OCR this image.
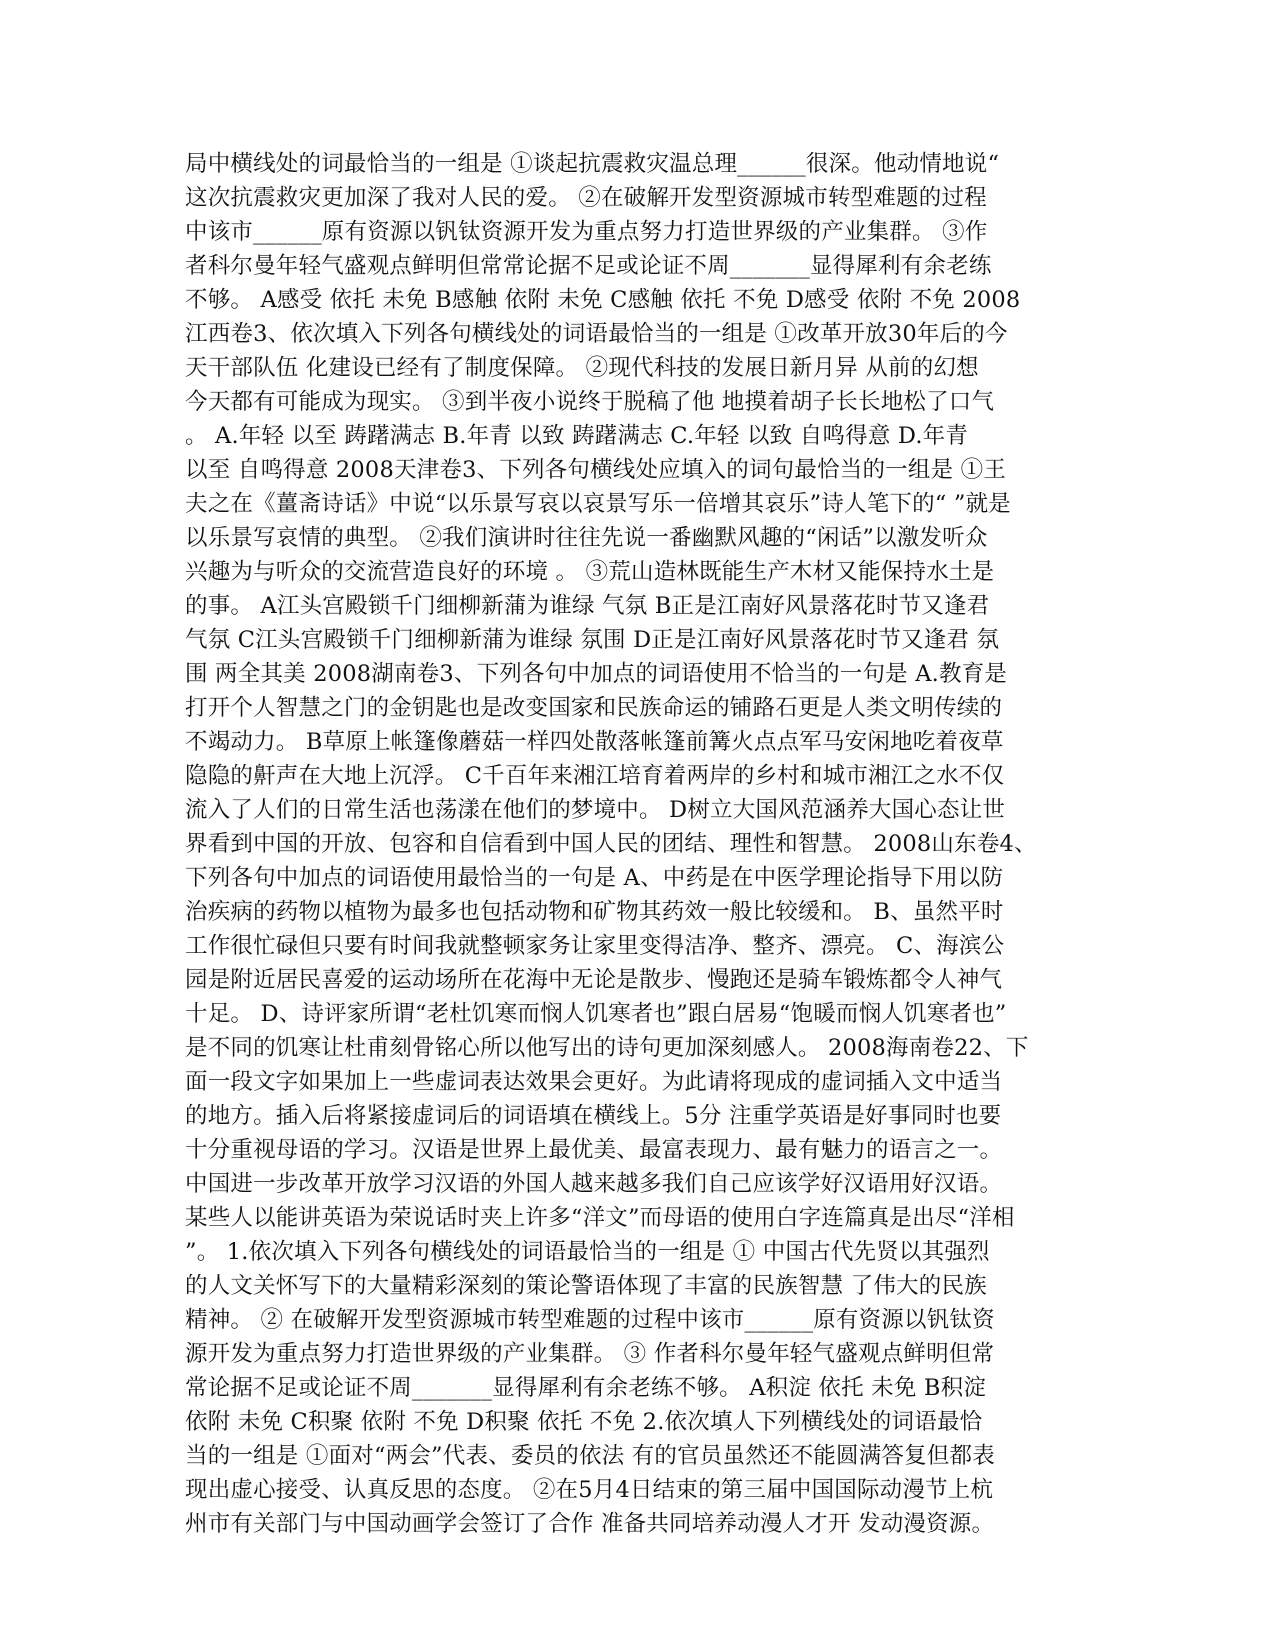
局中横线处的词最恰当的一组是 ①谈起抗震救灾温总理______很深。他动情地说“
这次抗震救灾更加深了我对人民的爱。 ②在破解开发型资源城市转型难题的过程
中该市______原有资源以钒钛资源开发为重点努力打造世界级的产业集群。 ③作
者科尔曼年轻气盛观点鲜明但常常论据不足或论证不周_______显得犀利有余老练
不够。 A感受 依托 未免 B感触 依附 未免 C感触 依托 不免 D感受 依附 不免 2008
江西卷3、依次填入下列各句横线处的词语最恰当的一组是 ①改革开放30年后的今
天干部队伍 化建设已经有了制度保障。 ②现代科技的发展日新月异 从前的幻想
今天都有可能成为现实。 ③到半夜小说终于脱稿了他 地摸着胡子长长地松了口气
。 A.年轻 以至 踌躇满志 B.年青 以致 踌躇满志 C.年轻 以致 自鸣得意 D.年青
以至 自鸣得意 2008天津卷3、下列各句横线处应填入的词句最恰当的一组是 ①王
夫之在《薑斋诗话》中说“以乐景写哀以哀景写乐一倍增其哀乐”诗人笔下的“ ”就是
以乐景写哀情的典型。 ②我们演讲时往往先说一番幽默风趣的“闲话”以激发听众
兴趣为与听众的交流营造良好的环境 。 ③荒山造林既能生产木材又能保持水土是
的事。 A江头宫殿锁千门细柳新蒲为谁绿 气氛 B正是江南好风景落花时节又逢君
气氛 C江头宫殿锁千门细柳新蒲为谁绿 氛围 D正是江南好风景落花时节又逢君 氛
围 两全其美 2008湖南卷3、下列各句中加点的词语使用不恰当的一句是 A.教育是
打开个人智慧之门的金钥匙也是改变国家和民族命运的铺路石更是人类文明传续的
不竭动力。 B草原上帐篷像蘑菇一样四处散落帐篷前篝火点点军马安闲地吃着夜草
隐隐的鼾声在大地上沉浮。 C千百年来湘江培育着两岸的乡村和城市湘江之水不仅
流入了人们的日常生活也荡漾在他们的梦境中。 D树立大国风范涵养大国心态让世
界看到中国的开放、包容和自信看到中国人民的团结、理性和智慧。 2008山东卷4、
下列各句中加点的词语使用最恰当的一句是 A、中药是在中医学理论指导下用以防
治疾病的药物以植物为最多也包括动物和矿物其药效一般比较缓和。 B、虽然平时
工作很忙碌但只要有时间我就整顿家务让家里变得洁净、整齐、漂亮。 C、海滨公
园是附近居民喜爱的运动场所在花海中无论是散步、慢跑还是骑车锻炼都令人神气
十足。 D、诗评家所谓“老杜饥寒而悯人饥寒者也”跟白居易“饱暖而悯人饥寒者也”
是不同的饥寒让杜甫刻骨铭心所以他写出的诗句更加深刻感人。 2008海南卷22、下
面一段文字如果加上一些虚词表达效果会更好。为此请将现成的虚词插入文中适当
的地方。插入后将紧接虚词后的词语填在横线上。5分 注重学英语是好事同时也要
十分重视母语的学习。汉语是世界上最优美、最富表现力、最有魅力的语言之一。
中国进一步改革开放学习汉语的外国人越来越多我们自己应该学好汉语用好汉语。
某些人以能讲英语为荣说话时夹上许多“洋文”而母语的使用白字连篇真是出尽“洋相
”。 1.依次填入下列各句横线处的词语最恰当的一组是 ① 中国古代先贤以其强烈
的人文关怀写下的大量精彩深刻的策论警语体现了丰富的民族智慧 了伟大的民族
精神。 ② 在破解开发型资源城市转型难题的过程中该市______原有资源以钒钛资
源开发为重点努力打造世界级的产业集群。 ③ 作者科尔曼年轻气盛观点鲜明但常
常论据不足或论证不周_______显得犀利有余老练不够。 A积淀 依托 未免 B积淀
依附 未免 C积聚 依附 不免 D积聚 依托 不免 2.依次填人下列横线处的词语最恰
当的一组是 ①面对“两会”代表、委员的依法 有的官员虽然还不能圆满答复但都表
现出虚心接受、认真反思的态度。 ②在5月4日结束的第三届中国国际动漫节上杭
州市有关部门与中国动画学会签订了合作 准备共同培养动漫人才开 发动漫资源。
